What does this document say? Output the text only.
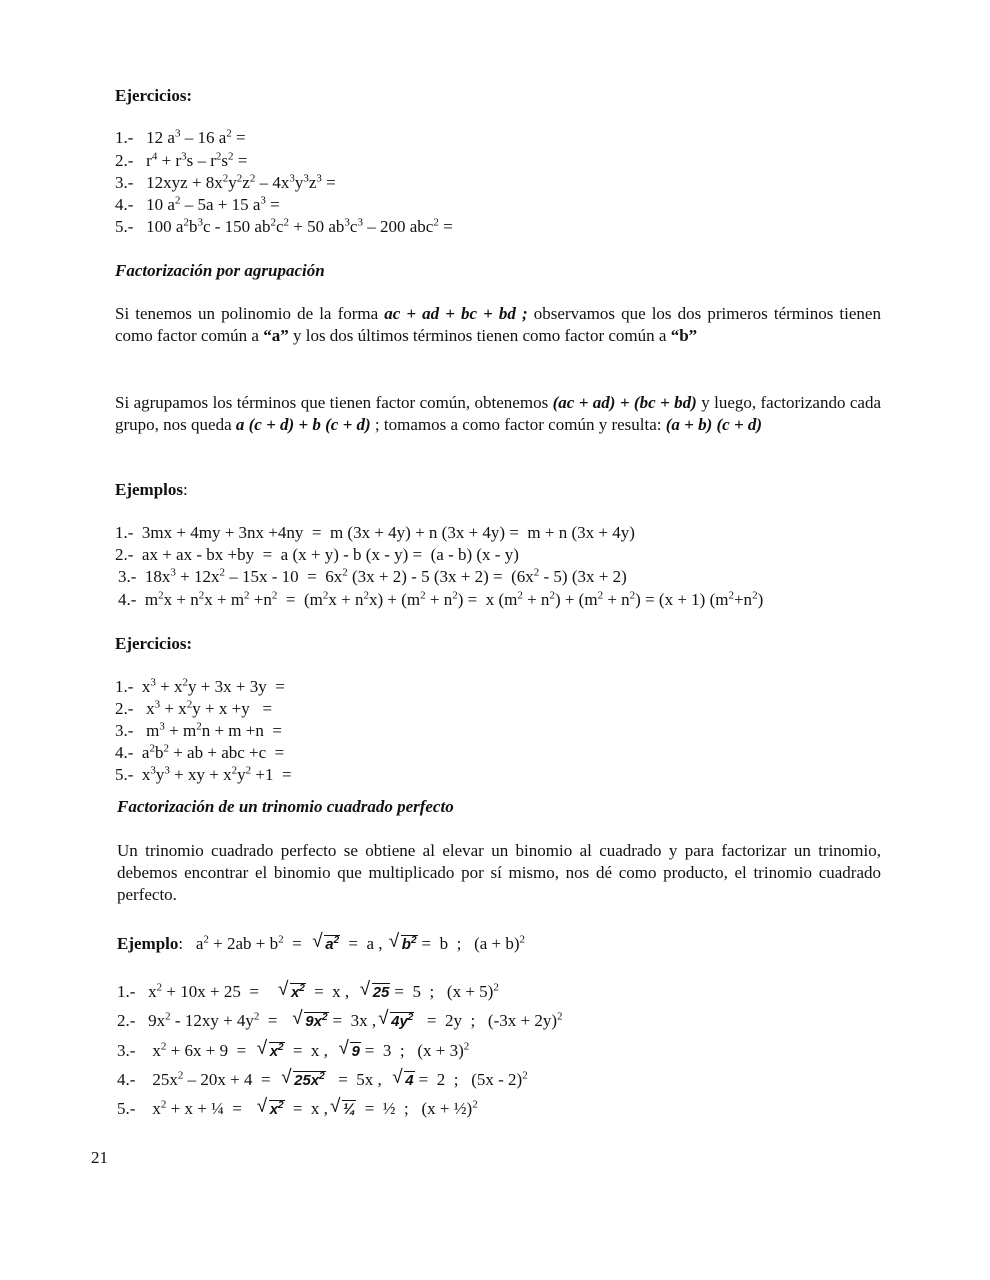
Ejercicios:
1.-   12 $a^3 - 16$ $a^2$ =
2.-   $r^4 + r^3s - r^2s^2$ =
3.-   $12xyz + 8x^2y^2z^2 - 4x^3y^3z^3$ =
4.-   10 $a^2 - 5a + 15$ $a^3$ =
5.-   100 $a^2b^3c - 150$ $ab^2c^2 + 50$ $ab^3c^3 - 200$ abc$^2$ =
Factorización por agrupación
Si tenemos un polinomio de la forma ac + ad + bc + bd ; observamos que los dos primeros términos tienen como factor común a “a” y los dos últimos términos tienen como factor común a “b”
Si agrupamos los términos que tienen factor común, obtenemos (ac + ad) + (bc + bd) y luego, factorizando cada grupo, nos queda a (c + d) + b (c + d) ; tomamos a como factor común y resulta: (a + b) (c + d)
Ejemplos:
1.-  3mx + 4my + 3nx +4ny  =  m (3x + 4y) + n (3x + 4y) =  m + n (3x + 4y)
2.-  ax + ax - bx +by  =  a (x + y) - b (x - y) =  (a - b) (x - y)
3.-  $18x^3 + 12x^2 - 15x - 10 = 6x^2$ (3x + 2) - 5 $(3x + 2) = (6x^2 - 5) (3x + 2)$
4.-  $m^2x + n^2x + m^2 +n^2 = (m^2x + n^2x) + (m^2 + n^2) = x$ $(m^2 + n^2) + (m^2 + n^2) = (x + 1)$ $(m^2+n^2)$
Ejercicios:
1.-  $x^3 + x^2y + 3x + 3y$  =
2.-   $x^3 + x^2y + x +y$   =
3.-   $m^3 + m^2n + m +n$  =
4.-  $a^2b^2$ + ab + abc +c  =
5.-  $x^3y^3$ + xy + $x^2y^2 +1$  =
Factorización de un trinomio cuadrado perfecto
Un trinomio cuadrado perfecto se obtiene al elevar un binomio al cuadrado y para factorizar un trinomio, debemos encontrar el binomio que multiplicado por sí mismo, nos dé como producto, el trinomio cuadrado perfecto.
Ejemplo:   $a^2 + 2ab + b^2$  =  √ $a^2 = a$ , √ $b^2 = b$  ;   $(a + b)^2$
1.-   $x^2 + 10x + 25$  =    √ $x^2 = x$ ,  √ 25 =  5  ;   $(x + 5)^2$
2.-   $9x^2 - 12xy + 4y^2$  =   √ $9x^2 = 3x$ , √ $4y^2 = 2y$  ;   $(-3x + 2y)^2$
3.-    $x^2 + 6x + 9$  =  √ $x^2 = x$ ,  √ 9 =  3  ;   $(x + 3)^2$
4.-    $25x^2 - 20x + 4$  =  √ $25x^2 = 5x$ ,  √ 4 =  2  ;   (5x - 2)$^2$
5.-    $x^2 + x$ + ¼  =   √ $x^2 = x$ , √ ¼ =  ½  ;   (x + ½)$^2$
21
